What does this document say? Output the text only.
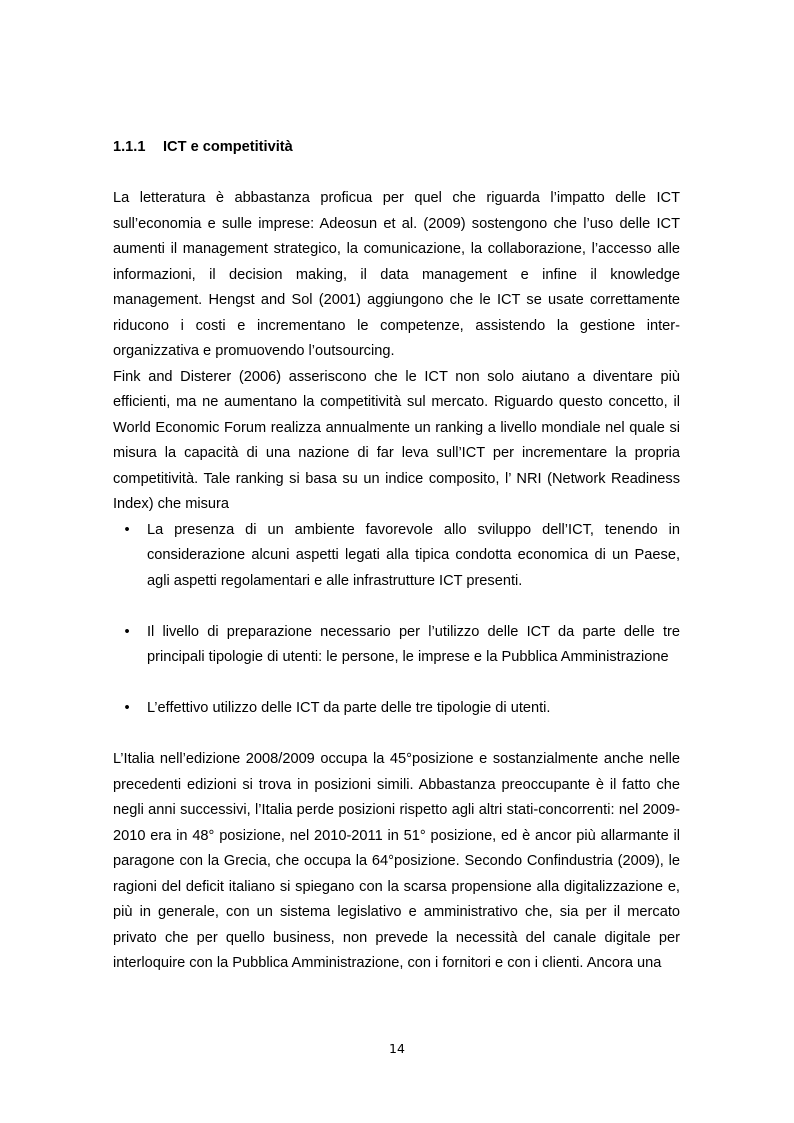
1.1.1 ICT e competitività

La letteratura è abbastanza proficua per quel che riguarda l’impatto delle ICT sull’economia e sulle imprese: Adeosun et al. (2009) sostengono che l’uso delle ICT aumenti il management strategico, la comunicazione, la collaborazione, l’accesso alle informazioni, il decision making, il data management e infine il knowledge management. Hengst and Sol (2001) aggiungono che le ICT se usate correttamente riducono i costi e incrementano le competenze, assistendo la gestione inter-organizzativa e promuovendo l’outsourcing.

Fink and Disterer (2006) asseriscono che le ICT non solo aiutano a diventare più efficienti, ma ne aumentano la competitività sul mercato. Riguardo questo concetto, il World Economic Forum realizza annualmente un ranking a livello mondiale nel quale si misura la capacità di una nazione di far leva sull’ICT per incrementare la propria competitività. Tale ranking si basa su un indice composito, l’ NRI (Network Readiness Index) che misura

• La presenza di un ambiente favorevole allo sviluppo dell’ICT, tenendo in considerazione alcuni aspetti legati alla tipica condotta economica di un Paese, agli aspetti regolamentari e alle infrastrutture ICT presenti.
• Il livello di preparazione necessario per l’utilizzo delle ICT da parte delle tre principali tipologie di utenti: le persone, le imprese e la Pubblica Amministrazione
• L’effettivo utilizzo delle ICT da parte delle tre tipologie di utenti.

L’Italia nell’edizione 2008/2009 occupa la 45°posizione e sostanzialmente anche nelle precedenti edizioni si trova in posizioni simili. Abbastanza preoccupante è il fatto che negli anni successivi, l’Italia perde posizioni rispetto agli altri stati-concorrenti: nel 2009-2010 era in 48° posizione, nel 2010-2011 in 51° posizione, ed è ancor più allarmante il paragone con la Grecia, che occupa la 64°posizione. Secondo Confindustria (2009), le ragioni del deficit italiano si spiegano con la scarsa propensione alla digitalizzazione e, più in generale, con un sistema legislativo e amministrativo che, sia per il mercato privato che per quello business, non prevede la necessità del canale digitale per interloquire con la Pubblica Amministrazione, con i fornitori e con i clienti. Ancora una

14
